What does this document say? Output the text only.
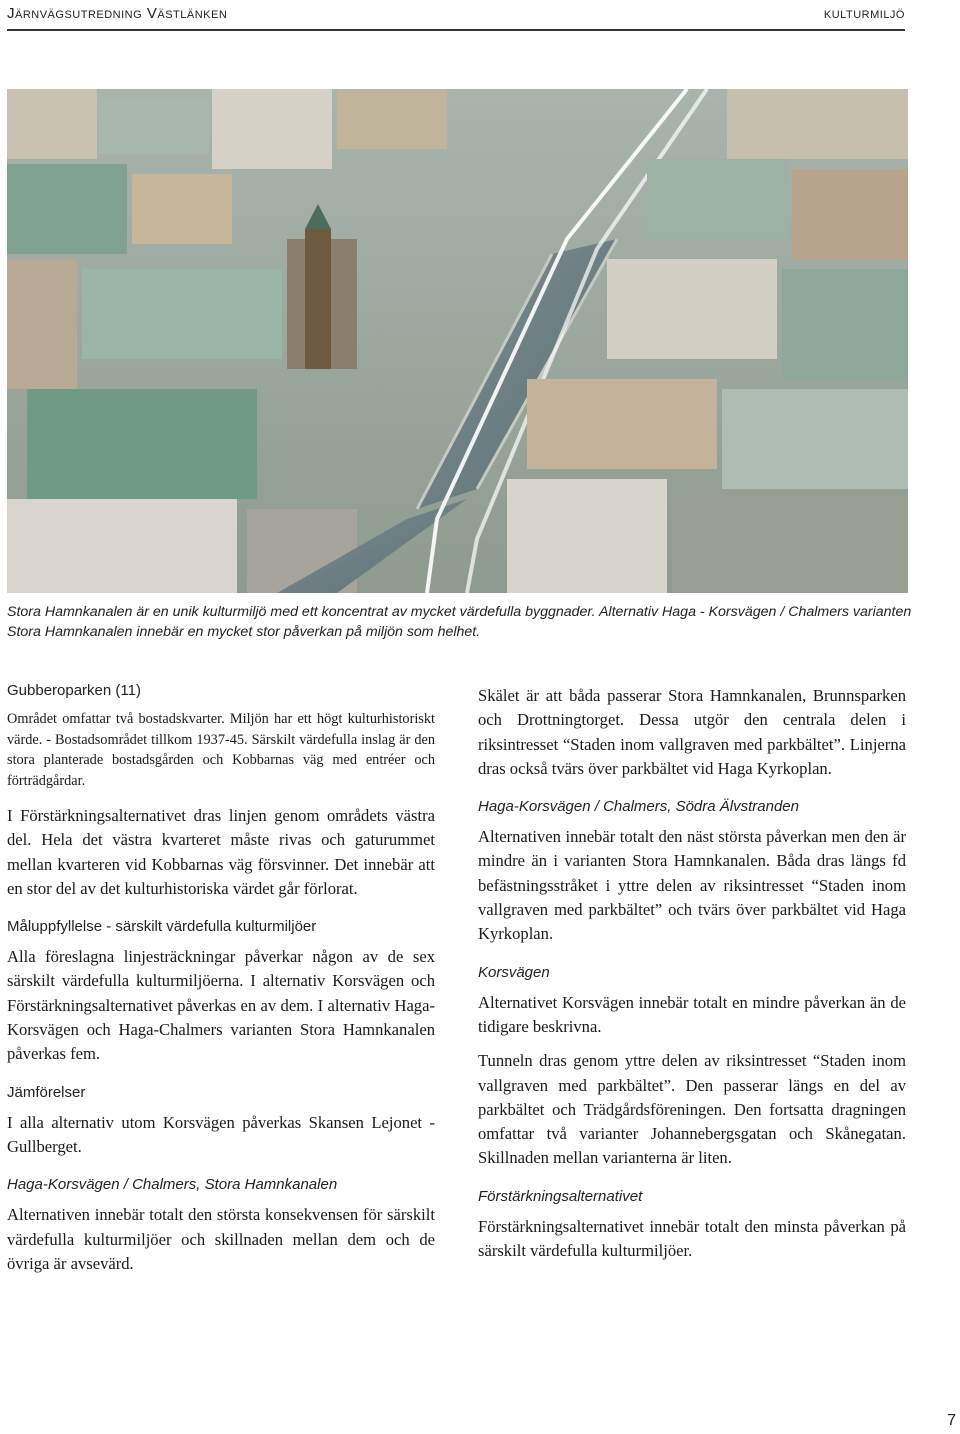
Järnvägsutredning Västlänken	kulturmiljö
Stora Hamnkanalen är en unik kulturmiljö med ett koncentrat av mycket värdefulla byggnader. Alternativ Haga - Korsvägen / Chalmers varianten Stora Hamnkanalen innebär en mycket stor påverkan på miljön som helhet.
Gubberoparken (11)

Området omfattar två bostadskvarter. Miljön har ett högt kulturhistoriskt värde. - Bostadsområdet tillkom 1937-45. Särskilt värdefulla inslag är den stora planterade bostadsgården och Kobbarnas väg med entréer och förträdgårdar.

I Förstärkningsalternativet dras linjen genom områdets västra del. Hela det västra kvarteret måste rivas och gaturummet mellan kvarteren vid Kobbarnas väg försvinner. Det innebär att en stor del av det kulturhistoriska värdet går förlorat.

Måluppfyllelse - särskilt värdefulla kulturmiljöer

Alla föreslagna linjesträckningar påverkar någon av de sex särskilt värdefulla kulturmiljöerna. I alternativ Korsvägen och Förstärkningsalternativet påverkas en av dem. I alternativ Haga-Korsvägen och Haga-Chalmers varianten Stora Hamnkanalen påverkas fem.

Jämförelser

I alla alternativ utom Korsvägen påverkas Skansen Lejonet - Gullberget.

Haga-Korsvägen / Chalmers, Stora Hamnkanalen

Alternativen innebär totalt den största konsekvensen för särskilt värdefulla kulturmiljöer och skillnaden mellan dem och de övriga är avsevärd.

Skälet är att båda passerar Stora Hamnkanalen, Brunnsparken och Drottningtorget. Dessa utgör den centrala delen i riksintresset “Staden inom vallgraven med parkbältet”. Linjerna dras också tvärs över parkbältet vid Haga Kyrkoplan.

Haga-Korsvägen / Chalmers, Södra Älvstranden

Alternativen innebär totalt den näst största påverkan men den är mindre än i varianten Stora Hamnkanalen. Båda dras längs fd befästningsstråket i yttre delen av riksintresset “Staden inom vallgraven med parkbältet” och tvärs över parkbältet vid Haga Kyrkoplan.

Korsvägen

Alternativet Korsvägen innebär totalt en mindre påverkan än de tidigare beskrivna.

Tunneln dras genom yttre delen av riksintresset “Staden inom vallgraven med parkbältet”. Den passerar längs en del av parkbältet och Trädgårdsföreningen. Den fortsatta dragningen omfattar två varianter Johannebergsgatan och Skånegatan. Skillnaden mellan varianterna är liten.

Förstärkningsalternativet

Förstärkningsalternativet innebär totalt den minsta påverkan på särskilt värdefulla kulturmiljöer.

7
